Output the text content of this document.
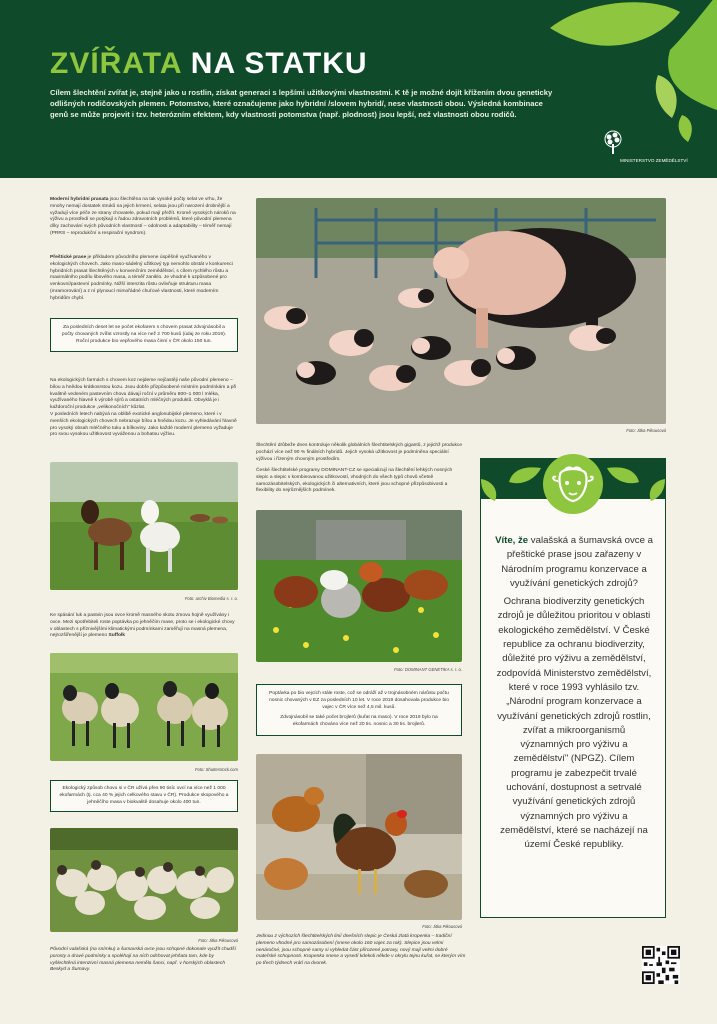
ZVÍŘATA NA STATKU
Cílem šlechtění zvířat je, stejně jako u rostlin, získat generaci s lepšími užitkovými vlastnostmi. K tě je možné dojít křížením dvou geneticky odlišných rodičovských plemen. Potomstvo, které označujeme jako hybridní /slovem hybrid/, nese vlastnosti obou. Výsledná kombinace genů se může projevit i tzv. heterózním efektem, kdy vlastnosti potomstva (např. plodnost) jsou lepší, než vlastnosti obou rodičů.
MINISTERSTVO ZEMĚDĚLSTVÍ
Moderní hybridní prasata jsou šlechtěna na tak vysoké počty selat ve vrhu, že mnohy nemají dostatek struků na jejich krmení, selata jsou při narození drobnější a vyžadují více péče ze strany chovatele, pokud mají přežít. Kromě vysokých nároků na výživu a prostředí se potýkají s řadou zdravotních problémů, které původní plemena díky zachování svých původních vlastností – odolnosti a adaptability – téměř nemají (PRRS – reprodukční a respirační syndrom).
Přeštické prase je příkladem původního plemene úspěšně využívaného v ekologických chovech. Jako maso-sádelný užitkový typ nemohlo obstát v konkurenci hybridních prasat šlechtěných v konvenčním zemědělství, s cílem rychlého růstu a maximálního podílu libového masa, a téměř zaniklo. Je vhodné k uzpůsobené pro venkovní/pastevní podmínky. Nižší intenzita růstu ovlivňuje strukturu masa (mramorování) a z ní plynoucí mimořádné chuťové vlastnosti, které moderním hybridům chybí.
Za posledních deset let se počet ekofarem s chovem prasat zdvojnásobil a počty chovaných zvířat vzrostly na více než 2 700 kusů (údaj ze roku 2019). Roční produkce bio vepřového masa činní v ČR okolo 150 tun.
Na ekologických farmách s chovem koz nejdeme nejčastěji naše původní plemeno – bílou a hnědou krátkosrstou kozu. Jsou dobře přizpůsobené místním podmínkám a při kvalitně vedeném pastevním chovu dávají roční v průměru 800–1 000 l mléka, využívaného hlavně k výrobě sýrů a ostatních mléčných produktů. Obvyklá je i každoroční produkce „velikonočních" kůzlat.
V posledních letech nabývá na oblibě exotické anglonubijské plemeno, které i v menších ekologických chovech nebrazuje bílou a hnědou kozu. Je vyhledávání hlavně pro vysoký obsah mléčného tuku a bílkoviny. Jako každé moderní plemeno vyžaduje pro svou vysokou užitkovost vyváženou a bohatou výživu.
Foto: archiv Biomedia s. r. o.
Ke spásání luk a pastvin jsou ovce kromě masného skotu zmovu hojně využívány i ovce. Mezi spotřebiteli roste poptávka po jehněčím mase, proto se i ekologické chovy v oblastech s příznivějšími klimatickými podmínkami zaměřují na masná plemena, nejrozšířenější je plemeno Suffolk
Foto: Shutterstock.com
Ekologický způsob chovu si v ČR užívá přes 90 tisíc ovcí na více než 1 000 ekofarmách (tj. cca 40 % jejich celkového stavu v ČR). Produkce skopového a jehněčího masa v biokvalitě dosahuje okolo 400 tun.
Foto: Jitka Pikousová
Původní valašská (na snímku) a šumavská ovce jsou schopné dokonale využít chudší porosty a dravé podmínky a spoléhají na ních odchovat jehňata tam, kde by vyšlechtěná intenzivní masná plemena neměla šanci, např. v horských oblastech Beskyd a Šumavy.
Foto: Jitka Pikousová
Šlechtění drůbeže dnes kontroluje několik globálních šlechtitelských gigantů, z jejichž produkce pochází více než 90 % finálních hybridů. Jejich vysoká užitkovost je podmíněna speciální výživou i řízeným chovným prostředím.
České šlechtitelské programy DOMINANT-CZ se specializují na šlechtění lehkých nosných slepic a slepic s kombinovanou užitkovostí, vhodných do všech typů chovů včetně samozásobitelských, ekologických či alternativních, které jsou schopné přizpůsobivosti a flexibility do nejrůznějších podmínek.
Foto: DOMINANT GENETIKA s. r. o.
Poptávka po bio vejcích stále roste, což se odráží až v trojnásobném nárůstu počtu nosnic chovaných v EZ za posledních 10 let. V roce 2019 dosahovala produkce bio vajec v ČR více než 4,5 mil. kusů.
Zdvojnásobil se také počet brojlerů (kuřat na maso). V roce 2019 bylo na ekofarmách chováno více než 20 tis. nosnic a 30 tis. brojlerů.
Foto: Jitka Pikousová
Jedinou z výchozích šlechtitelských linií dnešních slepic je Česká zlatá kropenka – tradiční plemeno vhodné pro samozásobení (snese okolo 160 vajec za rok). Slepice jsou velmi nenáročné, jsou schopné samy si vyhledat část přirozené potravy, nový mají velmi dobré mateřské schopnosti. Kropenka snese a vysedí kdekoli někde v okrylu tejnu kuřat, se kterým vím po třech týdnech vrátí na dvorek.

Víte, že valašská a šumavská ovce a přeštické prase jsou zařazeny v Národním programu konzervace a využívání genetických zdrojů?

Ochrana biodiverzity genetických zdrojů je důležitou prioritou v oblasti ekologického zemědělství. V České republice za ochranu biodiverzity, důležité pro výživu a zemědělství, zodpovídá Ministerstvo zemědělství, které v roce 1993 vyhlásilo tzv. „Národní program konzervace a využívání genetických zdrojů rostlin, zvířat a mikroorganismů významných pro výživu a zemědělství" (NPGZ). Cílem programu je zabezpečit trvalé uchování, dostupnost a setrvalé využívání genetických zdrojů významných pro výživu a zemědělství, které se nacházejí na území České republiky.
